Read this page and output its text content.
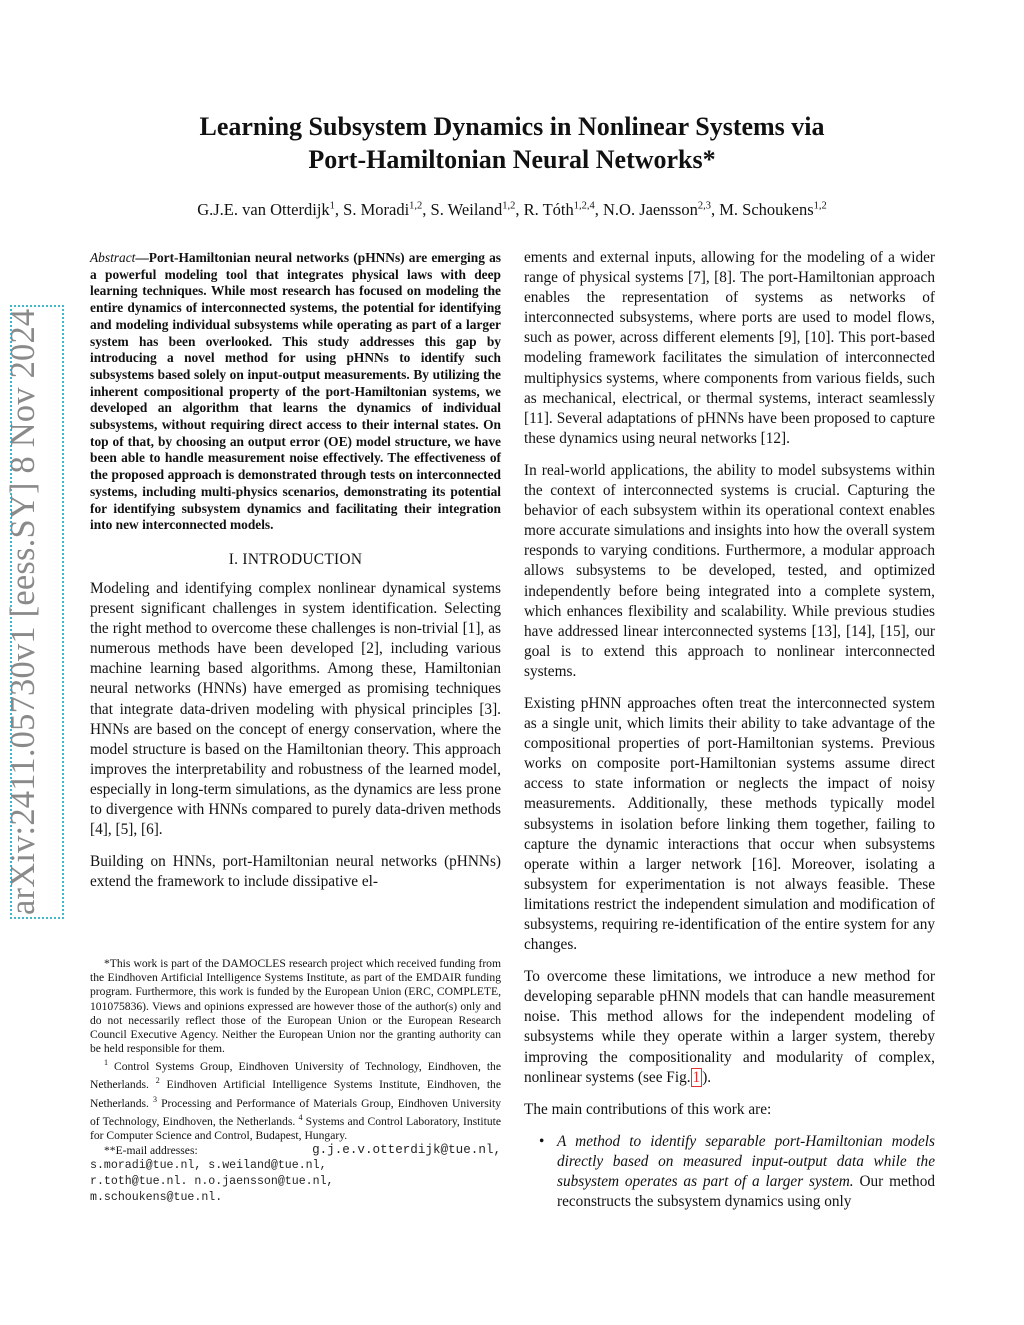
arXiv:2411.05730v1 [eess.SY] 8 Nov 2024
Learning Subsystem Dynamics in Nonlinear Systems via
Port-Hamiltonian Neural Networks*
G.J.E. van Otterdijk$^1$, S. Moradi$^{1,2}$, S. Weiland$^{1,2}$, R. Tóth$^{1,2,4}$, N.O. Jaensson$^{2,3}$, M. Schoukens$^{1,2}$

Abstract—Port-Hamiltonian neural networks (pHNNs) are emerging as a powerful modeling tool that integrates physical laws with deep learning techniques. While most research has focused on modeling the entire dynamics of interconnected systems, the potential for identifying and modeling individual subsystems while operating as part of a larger system has been overlooked. This study addresses this gap by introducing a novel method for using pHNNs to identify such subsystems based solely on input-output measurements. By utilizing the inherent compositional property of the port-Hamiltonian systems, we developed an algorithm that learns the dynamics of individual subsystems, without requiring direct access to their internal states. On top of that, by choosing an output error (OE) model structure, we have been able to handle measurement noise effectively. The effectiveness of the proposed approach is demonstrated through tests on interconnected systems, including multi-physics scenarios, demonstrating its potential for identifying subsystem dynamics and facilitating their integration into new interconnected models.

I. INTRODUCTION

Modeling and identifying complex nonlinear dynamical systems present significant challenges in system identification. Selecting the right method to overcome these challenges is non-trivial [1], as numerous methods have been developed [2], including various machine learning based algorithms. Among these, Hamiltonian neural networks (HNNs) have emerged as promising techniques that integrate data-driven modeling with physical principles [3]. HNNs are based on the concept of energy conservation, where the model structure is based on the Hamiltonian theory. This approach improves the interpretability and robustness of the learned model, especially in long-term simulations, as the dynamics are less prone to divergence with HNNs compared to purely data-driven methods [4], [5], [6].

Building on HNNs, port-Hamiltonian neural networks (pHNNs) extend the framework to include dissipative el-

*This work is part of the DAMOCLES research project which received funding from the Eindhoven Artificial Intelligence Systems Institute, as part of the EMDAIR funding program. Furthermore, this work is funded by the European Union (ERC, COMPLETE, 101075836). Views and opinions expressed are however those of the author(s) only and do not necessarily reflect those of the European Union or the European Research Council Executive Agency. Neither the European Union nor the granting authority can be held responsible for them.

$^1$ Control Systems Group, Eindhoven University of Technology, Eindhoven, the Netherlands. $^2$ Eindhoven Artificial Intelligence Systems Institute, Eindhoven, the Netherlands. $^3$ Processing and Performance of Materials Group, Eindhoven University of Technology, Eindhoven, the Netherlands. $^4$ Systems and Control Laboratory, Institute for Computer Science and Control, Budapest, Hungary.

**E-mail addresses:	g.j.e.v.otterdijk@tue.nl,

s.moradi@tue.nl, s.weiland@tue.nl,

r.toth@tue.nl. n.o.jaensson@tue.nl,

m.schoukens@tue.nl.

ements and external inputs, allowing for the modeling of a wider range of physical systems [7], [8]. The port-Hamiltonian approach enables the representation of systems as networks of interconnected subsystems, where ports are used to model flows, such as power, across different elements [9], [10]. This port-based modeling framework facilitates the simulation of interconnected multiphysics systems, where components from various fields, such as mechanical, electrical, or thermal systems, interact seamlessly [11]. Several adaptations of pHNNs have been proposed to capture these dynamics using neural networks [12].

In real-world applications, the ability to model subsystems within the context of interconnected systems is crucial. Capturing the behavior of each subsystem within its operational context enables more accurate simulations and insights into how the overall system responds to varying conditions. Furthermore, a modular approach allows subsystems to be developed, tested, and optimized independently before being integrated into a complete system, which enhances flexibility and scalability. While previous studies have addressed linear interconnected systems [13], [14], [15], our goal is to extend this approach to nonlinear interconnected systems.

Existing pHNN approaches often treat the interconnected system as a single unit, which limits their ability to take advantage of the compositional properties of port-Hamiltonian systems. Previous works on composite port-Hamiltonian systems assume direct access to state information or neglects the impact of noisy measurements. Additionally, these methods typically model subsystems in isolation before linking them together, failing to capture the dynamic interactions that occur when subsystems operate within a larger network [16]. Moreover, isolating a subsystem for experimentation is not always feasible. These limitations restrict the independent simulation and modification of subsystems, requiring re-identification of the entire system for any changes.

To overcome these limitations, we introduce a new method for developing separable pHNN models that can handle measurement noise. This method allows for the independent modeling of subsystems while they operate within a larger system, thereby improving the compositionality and modularity of complex, nonlinear systems (see Fig. 1 ).

The main contributions of this work are:

• A method to identify separable port-Hamiltonian models directly based on measured input-output data while the subsystem operates as part of a larger system. Our method reconstructs the subsystem dynamics using only
